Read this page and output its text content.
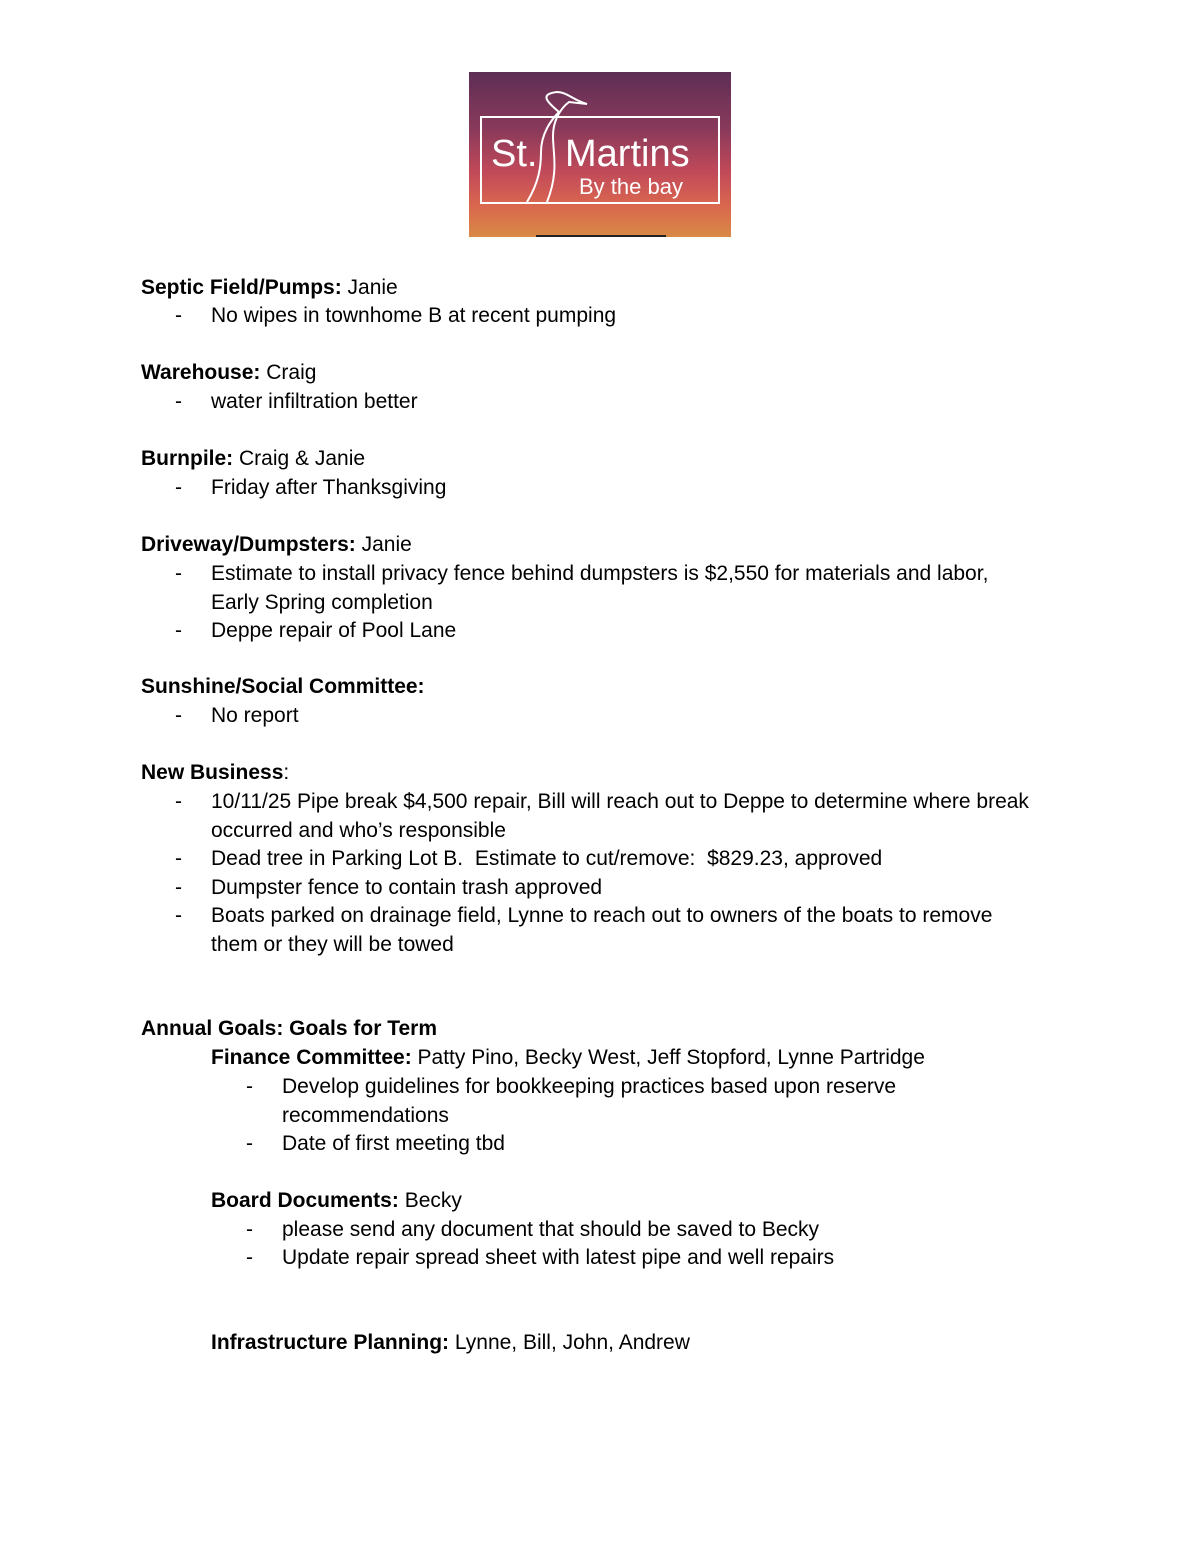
St. Martins
By the bay
Septic Field/Pumps: Janie
-	No wipes in townhome B at recent pumping
Warehouse: Craig
-	water infiltration better
Burnpile: Craig & Janie
-	Friday after Thanksgiving
Driveway/Dumpsters: Janie
-	Estimate to install privacy fence behind dumpsters is $2,550 for materials and labor,
Early Spring completion
-	Deppe repair of Pool Lane
Sunshine/Social Committee:
-	No report
New Business:
-	10/11/25 Pipe break $4,500 repair, Bill will reach out to Deppe to determine where break
occurred and who’s responsible
-	Dead tree in Parking Lot B.  Estimate to cut/remove:  $829.23, approved
-	Dumpster fence to contain trash approved
-	Boats parked on drainage field, Lynne to reach out to owners of the boats to remove
them or they will be towed
Annual Goals: Goals for Term
Finance Committee: Patty Pino, Becky West, Jeff Stopford, Lynne Partridge
-	Develop guidelines for bookkeeping practices based upon reserve
recommendations
-	Date of first meeting tbd
Board Documents: Becky
-	please send any document that should be saved to Becky
-	Update repair spread sheet with latest pipe and well repairs
Infrastructure Planning: Lynne, Bill, John, Andrew
